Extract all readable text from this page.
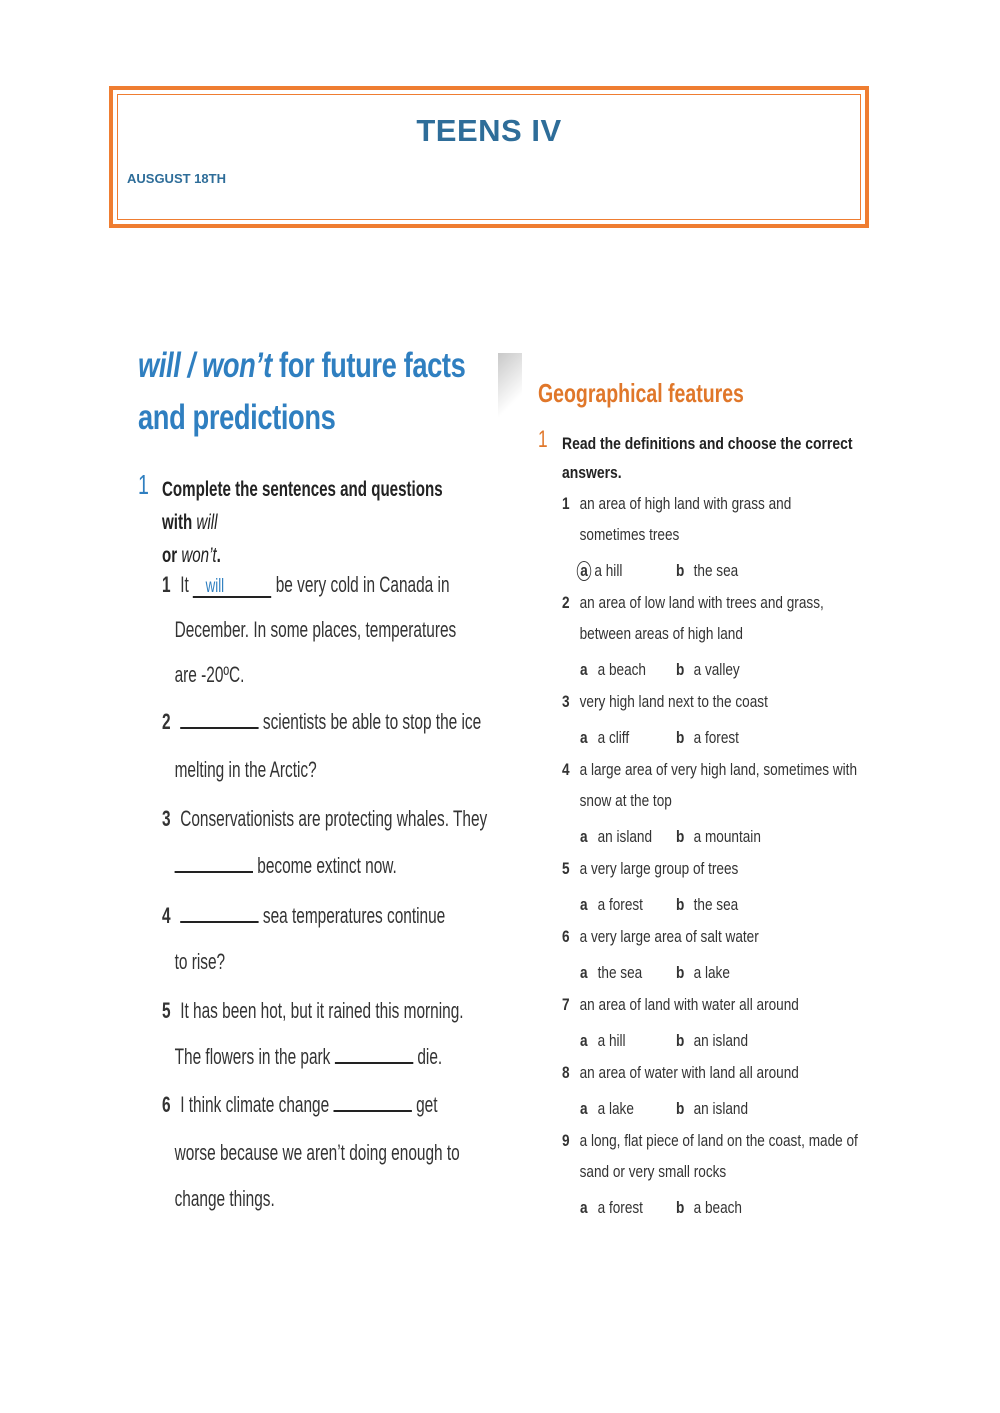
TEENS IV
AUSGUST 18TH
will / won’t for future facts
and predictions
1 Complete the sentences and questions with will
or won’t.
1 It will be very cold in Canada in
December. In some places, temperatures
are -20ºC.
2	scientists be able to stop the ice
melting in the Arctic?
3 Conservationists are protecting whales. They
become extinct now.
4	sea temperatures continue
to rise?
5 It has been hot, but it rained this morning.
The flowers in the park	die.
6 I think climate change	get
worse because we aren’t doing enough to
change things.
Geographical features
1 Read the definitions and choose the correct answers.
1 an area of high land with grass and
sometimes trees
a a hill	b the sea
2 an area of low land with trees and grass,
between areas of high land
a a beach b a valley
3 very high land next to the coast
a a cliff	b a forest
4 a large area of very high land, sometimes with
snow at the top
a an island b a mountain
5 a very large group of trees
a a forest b the sea
6 a very large area of salt water
a the sea b a lake
7 an area of land with water all around
a a hill	b an island
8 an area of water with land all around
a a lake b an island
9 a long, flat piece of land on the coast, made of
sand or very small rocks
a a forest b a beach
